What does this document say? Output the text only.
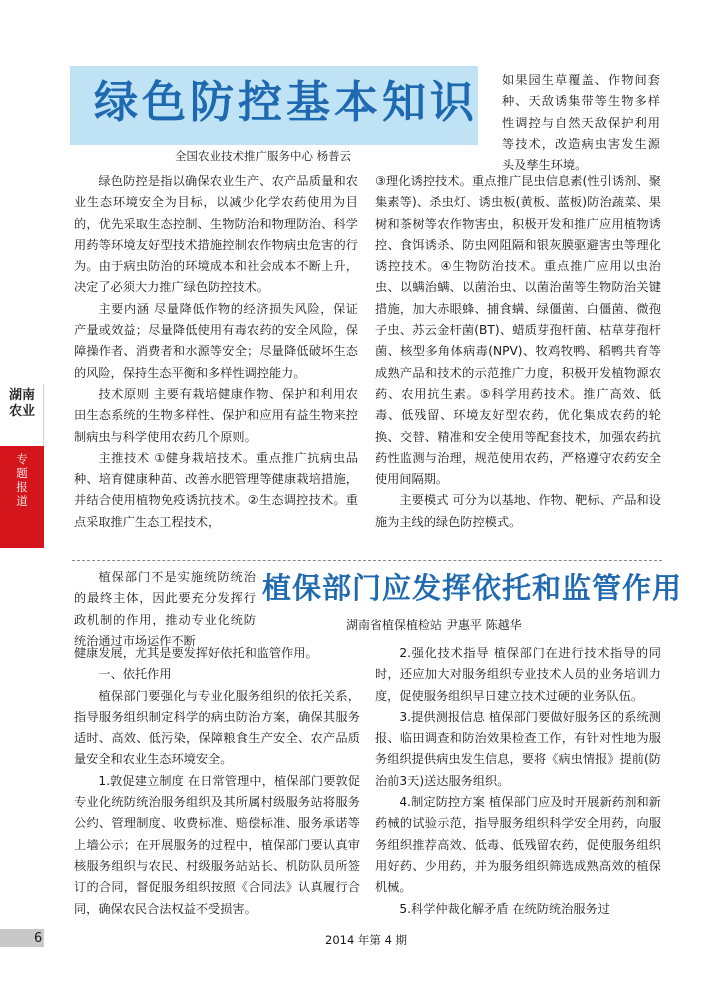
绿色防控基本知识
全国农业技术推广服务中心 杨普云

如果园生草覆盖、作物间套种、天敌诱集带等生物多样性调控与自然天敌保护利用等技术，改造病虫害发生源头及孳生环境。

绿色防控是指以确保农业生产、农产品质量和农业生态环境安全为目标，以减少化学农药使用为目的，优先采取生态控制、生物防治和物理防治、科学用药等环境友好型技术措施控制农作物病虫危害的行为。由于病虫防治的环境成本和社会成本不断上升，决定了必须大力推广绿色防控技术。

主要内涵 尽量降低作物的经济损失风险，保证产量或效益；尽量降低使用有毒农药的安全风险，保障操作者、消费者和水源等安全；尽量降低破坏生态的风险，保持生态平衡和多样性调控能力。

技术原则 主要有栽培健康作物、保护和利用农田生态系统的生物多样性、保护和应用有益生物来控制病虫与科学使用农药几个原则。

主推技术 ①健身栽培技术。重点推广抗病虫品种、培育健康种苗、改善水肥管理等健康栽培措施，并结合使用植物免疫诱抗技术。②生态调控技术。重点采取推广生态工程技术，

③理化诱控技术。重点推广昆虫信息素(性引诱剂、聚集素等)、杀虫灯、诱虫板(黄板、蓝板)防治蔬菜、果树和茶树等农作物害虫，积极开发和推广应用植物诱控、食饵诱杀、防虫网阻隔和银灰膜驱避害虫等理化诱控技术。④生物防治技术。重点推广应用以虫治虫、以螨治螨、以菌治虫、以菌治菌等生物防治关键措施，加大赤眼蜂、捕食螨、绿僵菌、白僵菌、微孢子虫、苏云金杆菌(BT)、蜡质芽孢杆菌、枯草芽孢杆菌、核型多角体病毒(NPV)、牧鸡牧鸭、稻鸭共育等成熟产品和技术的示范推广力度，积极开发植物源农药、农用抗生素。⑤科学用药技术。推广高效、低毒、低残留、环境友好型农药，优化集成农药的轮换、交替、精准和安全使用等配套技术，加强农药抗药性监测与治理，规范使用农药，严格遵守农药安全使用间隔期。

主要模式 可分为以基地、作物、靶标、产品和设施为主线的绿色防控模式。

湖南农业
专题报道
植保部门应发挥依托和监管作用
湖南省植保植检站 尹惠平 陈越华

植保部门不是实施统防统治的最终主体，因此要充分发挥行政机制的作用，推动专业化统防统治通过市场运作不断

健康发展，尤其是要发挥好依托和监管作用。

一、依托作用

植保部门要强化与专业化服务组织的依托关系，指导服务组织制定科学的病虫防治方案，确保其服务适时、高效、低污染，保障粮食生产安全、农产品质量安全和农业生态环境安全。

1.敦促建立制度 在日常管理中，植保部门要敦促专业化统防统治服务组织及其所属村级服务站将服务公约、管理制度、收费标准、赔偿标准、服务承诺等上墙公示；在开展服务的过程中，植保部门要认真审核服务组织与农民、村级服务站站长、机防队员所签订的合同，督促服务组织按照《合同法》认真履行合同，确保农民合法权益不受损害。

2.强化技术指导 植保部门在进行技术指导的同时，还应加大对服务组织专业技术人员的业务培训力度，促使服务组织早日建立技术过硬的业务队伍。

3.提供测报信息 植保部门要做好服务区的系统测报、临田调查和防治效果检查工作，有针对性地为服务组织提供病虫发生信息，要将《病虫情报》提前(防治前3天)送达服务组织。

4.制定防控方案 植保部门应及时开展新药剂和新药械的试验示范，指导服务组织科学安全用药，向服务组织推荐高效、低毒、低残留农药，促使服务组织用好药、少用药，并为服务组织筛选成熟高效的植保机械。

5.科学仲裁化解矛盾 在统防统治服务过

6	2014 年第 4 期
